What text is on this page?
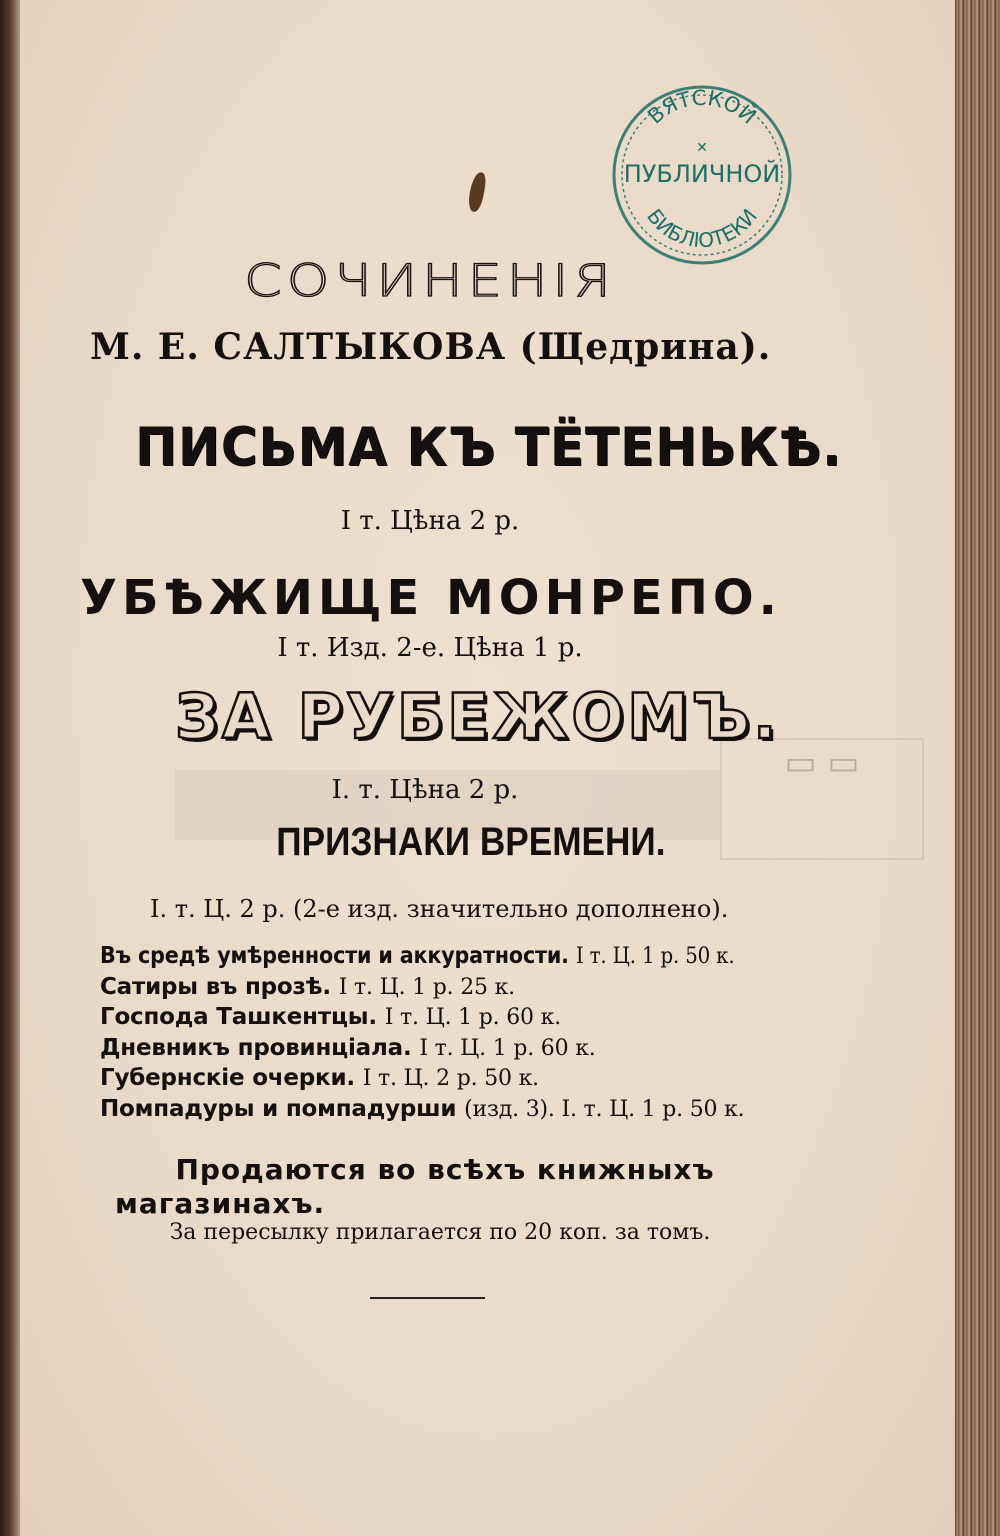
▭ ▭
ВЯТСКОЙ
✕
ПУБЛИЧНОЙ
БИБЛІОТЕКИ
СОЧИНЕНІЯ
М. Е. САЛТЫКОВА (Щедрина).
ПИСЬМА КЪ ТЁТЕНЬКѢ.
I т. Цѣна 2 р.
УБѢЖИЩЕ МОНРЕПО.
I т. Изд. 2-е. Цѣна 1 р.
ЗА РУБЕЖОМЪ.
I. т. Цѣна 2 р.
ПРИЗНАКИ ВРЕМЕНИ.
I. т. Ц. 2 р. (2-е изд. значительно дополнено).
Въ средѣ умѣренности и аккуратности. I т. Ц. 1 р. 50 к.
Сатиры въ прозѣ. I т. Ц. 1 р. 25 к.
Господа Ташкентцы. I т. Ц. 1 р. 60 к.
Дневникъ провинціала. I т. Ц. 1 р. 60 к.
Губернскіе очерки. I т. Ц. 2 р. 50 к.
Помпадуры и помпадурши (изд. 3). I. т. Ц. 1 р. 50 к.
Продаются во всѣхъ книжныхъ
магазинахъ.
За пересылку прилагается по 20 коп. за томъ.
